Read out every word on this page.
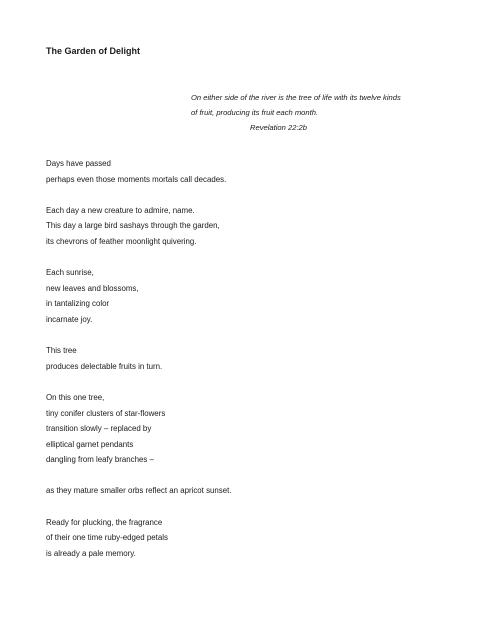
The Garden of Delight
On either side of the river is the tree of life with its twelve kinds
of fruit, producing its fruit each month.
Revelation 22:2b
Days have passed
perhaps even those moments mortals call decades.
Each day a new creature to admire, name.
This day a large bird sashays through the garden,
its chevrons of feather moonlight quivering.
Each sunrise,
new leaves and blossoms,
in tantalizing color
incarnate joy.
This tree
produces delectable fruits in turn.
On this one tree,
tiny conifer clusters of star-flowers
transition slowly – replaced by
elliptical garnet pendants
dangling from leafy branches –
as they mature smaller orbs reflect an apricot sunset.
Ready for plucking, the fragrance
of their one time ruby-edged petals
is already a pale memory.
